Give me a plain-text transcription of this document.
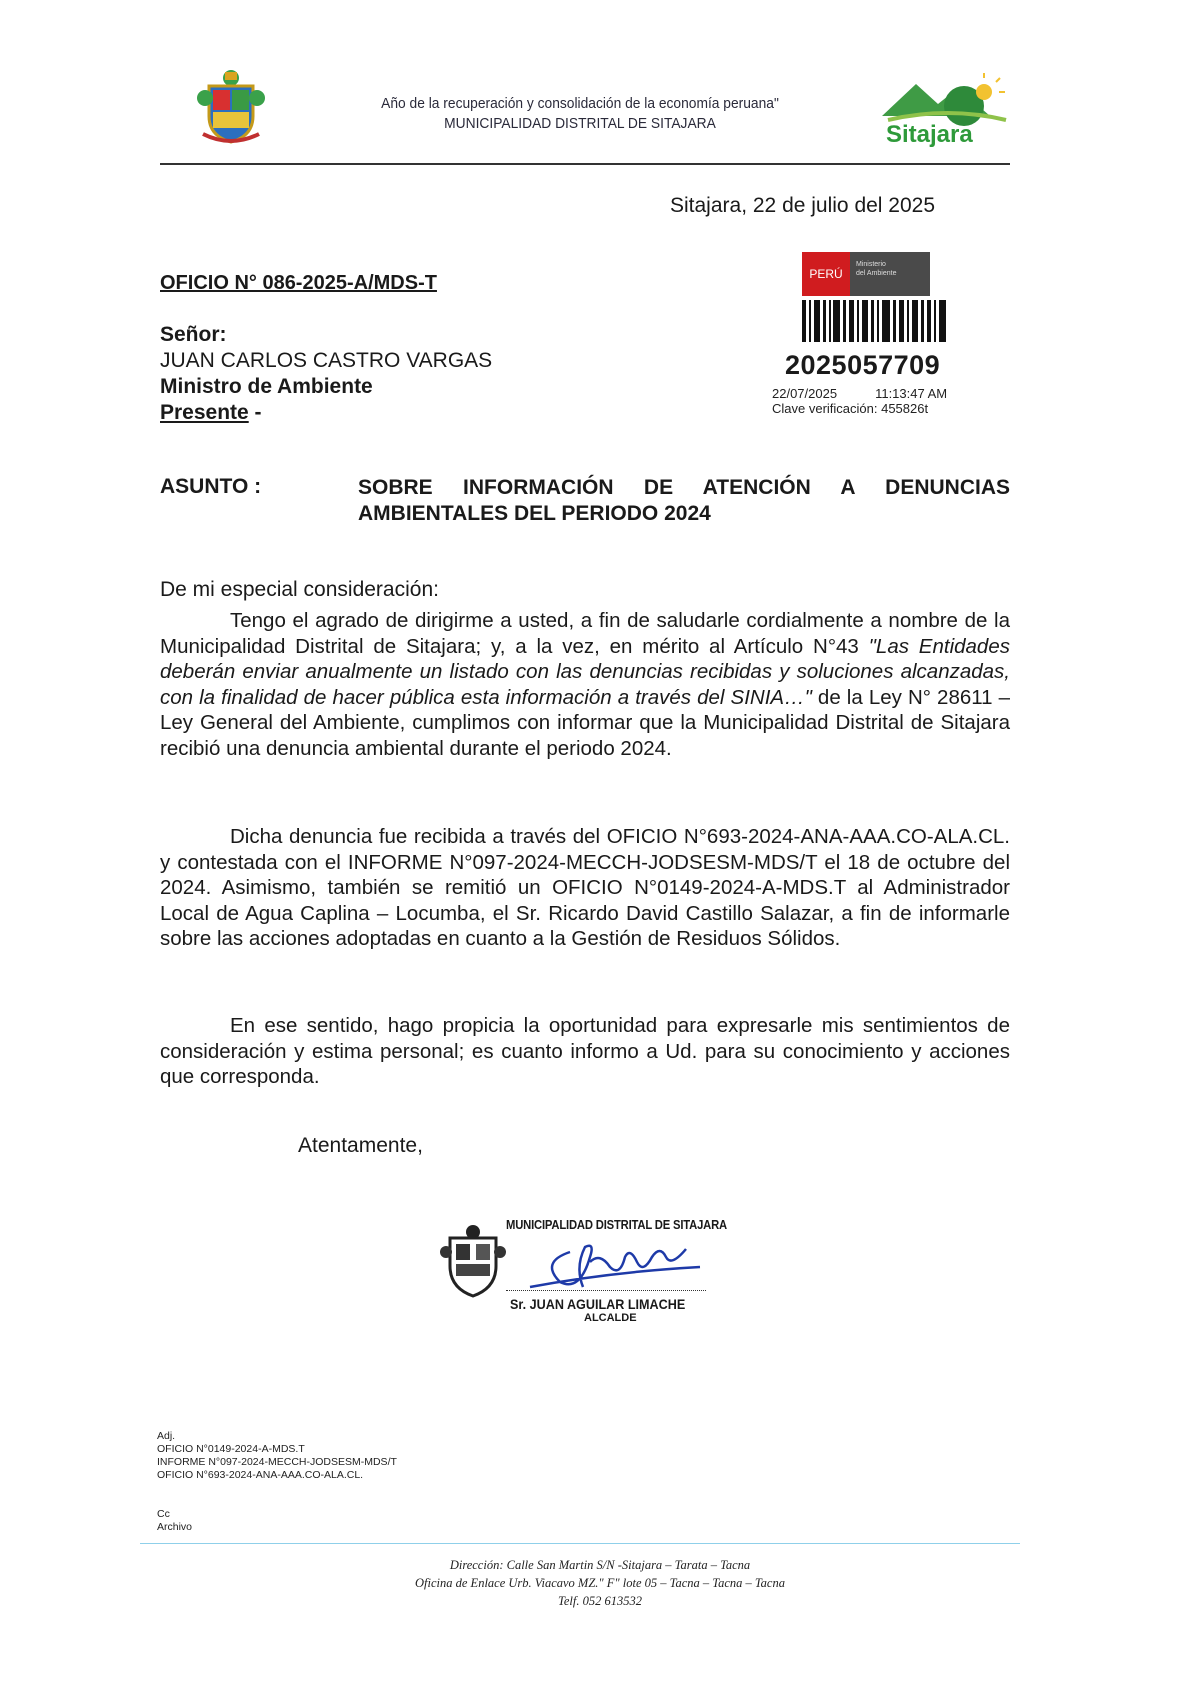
Año de la recuperación y consolidación de la economía peruana"
MUNICIPALIDAD DISTRITAL DE SITAJARA	Sitajara
Sitajara, 22 de julio del 2025
OFICIO N° 086-2025-A/MDS-T	PERÚ
Ministerio
del Ambiente
2025057709
22/07/2025	11:13:47 AM
Clave verificación: 455826t
Señor:
JUAN CARLOS CASTRO VARGAS
Ministro de Ambiente
Presente -
ASUNTO :	SOBRE INFORMACIÓN DE ATENCIÓN A DENUNCIAS AMBIENTALES DEL PERIODO 2024
De mi especial consideración:

Tengo el agrado de dirigirme a usted, a fin de saludarle cordialmente a nombre de la Municipalidad Distrital de Sitajara; y, a la vez, en mérito al Artículo N°43 "Las Entidades deberán enviar anualmente un listado con las denuncias recibidas y soluciones alcanzadas, con la finalidad de hacer pública esta información a través del SINIA…" de la Ley N° 28611 – Ley General del Ambiente, cumplimos con informar que la Municipalidad Distrital de Sitajara recibió una denuncia ambiental durante el periodo 2024.

Dicha denuncia fue recibida a través del OFICIO N°693-2024-ANA-AAA.CO-ALA.CL. y contestada con el INFORME N°097-2024-MECCH-JODSESM-MDS/T el 18 de octubre del 2024. Asimismo, también se remitió un OFICIO N°0149-2024-A-MDS.T al Administrador Local de Agua Caplina – Locumba, el Sr. Ricardo David Castillo Salazar, a fin de informarle sobre las acciones adoptadas en cuanto a la Gestión de Residuos Sólidos.

En ese sentido, hago propicia la oportunidad para expresarle mis sentimientos de consideración y estima personal; es cuanto informo a Ud. para su conocimiento y acciones que corresponda.

Atentamente,
MUNICIPALIDAD DISTRITAL DE SITAJARA
Sr. JUAN AGUILAR LIMACHE
ALCALDE
Adj.
OFICIO N°0149-2024-A-MDS.T
INFORME N°097-2024-MECCH-JODSESM-MDS/T
OFICIO N°693-2024-ANA-AAA.CO-ALA.CL.
Cc
Archivo
Dirección: Calle San Martin S/N -Sitajara – Tarata – Tacna
Oficina de Enlace Urb. Viacavo MZ." F" lote 05 – Tacna – Tacna – Tacna
Telf. 052 613532
